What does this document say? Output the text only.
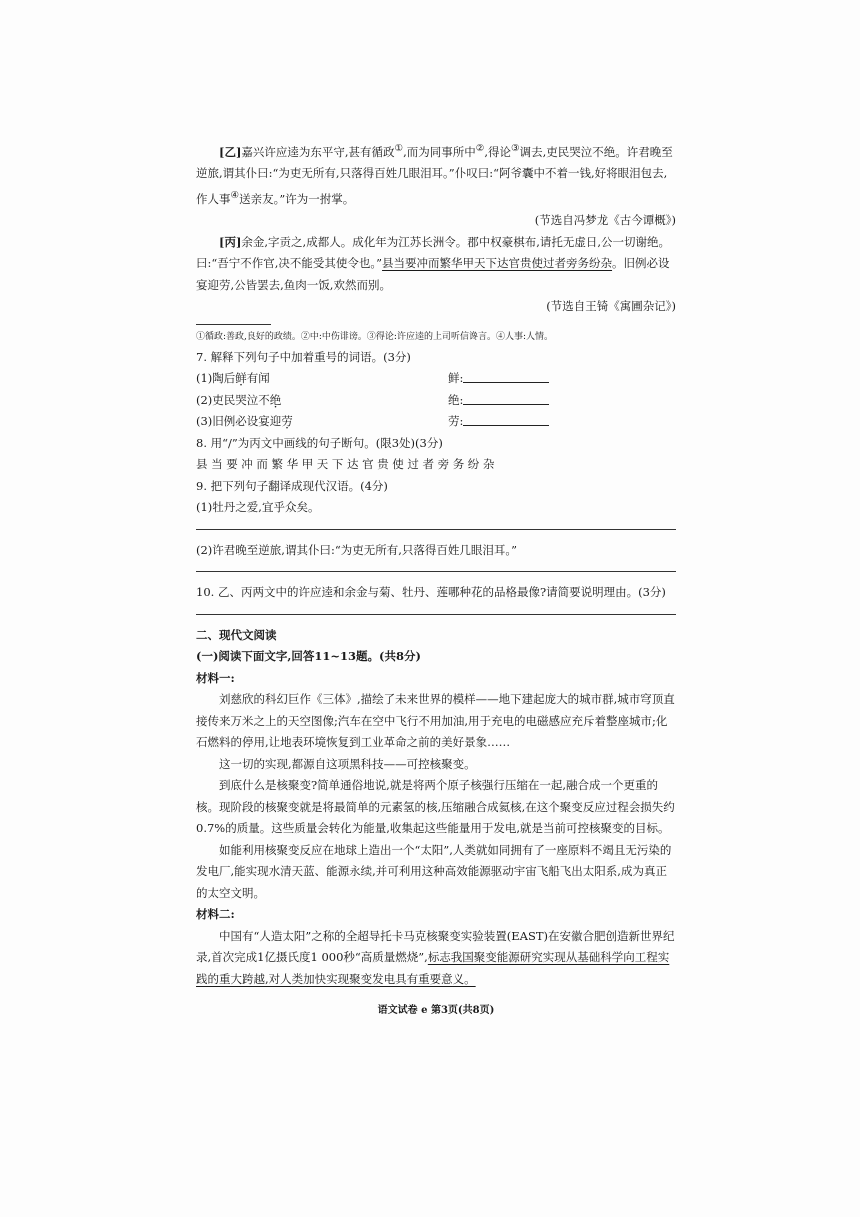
[乙]嘉兴许应逵为东平守,甚有循政①,而为同事所中②,得论③调去,吏民哭泣不绝。许君晚至逆旅,谓其仆曰:“为吏无所有,只落得百姓几眼泪耳。”仆叹曰:“阿爷囊中不着一钱,好将眼泪包去,作人事④送亲友。”许为一拊掌。

(节选自冯梦龙《古今谭概》)

[丙]余金,字贡之,成都人。成化年为江苏长洲令。郡中权豪棋布,请托无虚日,公一切谢绝。曰:“吾宁不作官,决不能受其使令也。”县当要冲而繁华甲天下达官贵使过者旁务纷杂。旧例必设宴迎劳,公皆罢去,鱼肉一饭,欢然而别。

(节选自王锜《寓圃杂记》)

①循政:善政,良好的政绩。②中:中伤诽谤。③得论:许应逵的上司听信谗言。④人事:人情。

7. 解释下列句子中加着重号的词语。(3分)

(1)陶后鲜有闻	鲜:
(2)吏民哭泣不绝	绝:
(3)旧例必设宴迎劳	劳:

8. 用“/”为丙文中画线的句子断句。(限3处)(3分)

县当要冲而繁华甲天下达官贵使过者旁务纷杂

9. 把下列句子翻译成现代汉语。(4分)

(1)牡丹之爱,宜乎众矣。

(2)许君晚至逆旅,谓其仆曰:“为吏无所有,只落得百姓几眼泪耳。”

10. 乙、丙两文中的许应逵和余金与菊、牡丹、莲哪种花的品格最像?请简要说明理由。(3分)

二、现代文阅读

(一)阅读下面文字,回答11~13题。(共8分)

材料一:

刘慈欣的科幻巨作《三体》,描绘了未来世界的模样——地下建起庞大的城市群,城市穹顶直接传来万米之上的天空图像;汽车在空中飞行不用加油,用于充电的电磁感应充斥着整座城市;化石燃料的停用,让地表环境恢复到工业革命之前的美好景象……

这一切的实现,都源自这项黑科技——可控核聚变。

到底什么是核聚变?简单通俗地说,就是将两个原子核强行压缩在一起,融合成一个更重的核。现阶段的核聚变就是将最简单的元素氢的核,压缩融合成氦核,在这个聚变反应过程会损失约0.7%的质量。这些质量会转化为能量,收集起这些能量用于发电,就是当前可控核聚变的目标。

如能利用核聚变反应在地球上造出一个“太阳”,人类就如同拥有了一座原料不竭且无污染的发电厂,能实现水清天蓝、能源永续,并可利用这种高效能源驱动宇宙飞船飞出太阳系,成为真正的太空文明。

材料二:

中国有“人造太阳”之称的全超导托卡马克核聚变实验装置(EAST)在安徽合肥创造新世界纪录,首次完成1亿摄氏度1 000秒“高质量燃烧”,标志我国聚变能源研究实现从基础科学向工程实践的重大跨越,对人类加快实现聚变发电具有重要意义。

语文试卷 e 第3页(共8页)
